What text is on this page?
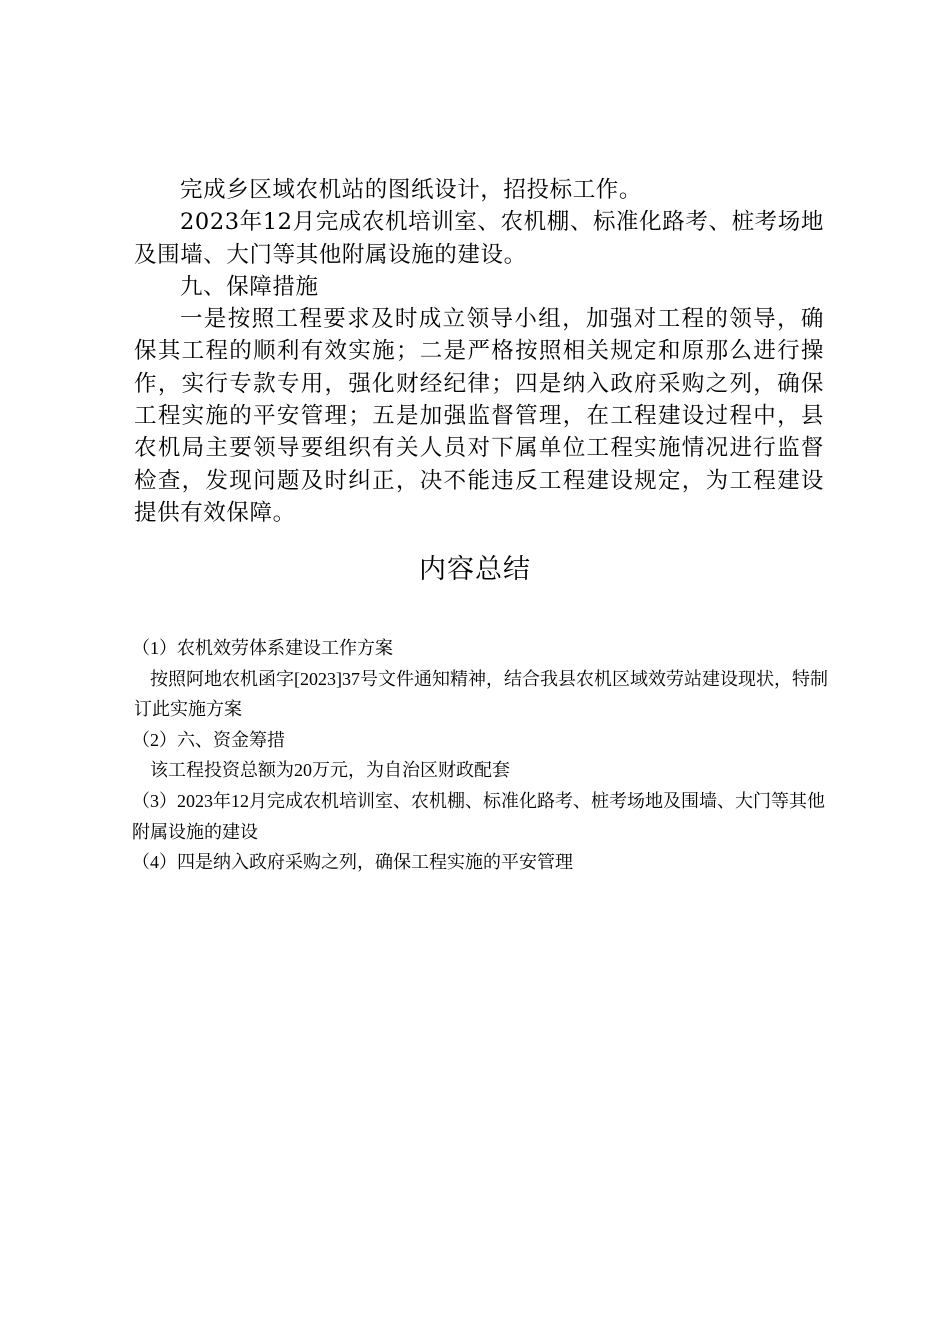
完成乡区域农机站的图纸设计，招投标工作。

2023年12月完成农机培训室、农机棚、标准化路考、桩考场地及围墙、大门等其他附属设施的建设。

九、保障措施

一是按照工程要求及时成立领导小组，加强对工程的领导，确保其工程的顺利有效实施；二是严格按照相关规定和原那么进行操作，实行专款专用，强化财经纪律；四是纳入政府采购之列，确保工程实施的平安管理；五是加强监督管理，在工程建设过程中，县农机局主要领导要组织有关人员对下属单位工程实施情况进行监督检查，发现问题及时纠正，决不能违反工程建设规定，为工程建设提供有效保障。

内容总结

（1）农机效劳体系建设工作方案

按照阿地农机函字[2023]37号文件通知精神，结合我县农机区域效劳站建设现状，特制订此实施方案

（2）六、资金筹措

该工程投资总额为20万元，为自治区财政配套

（3）2023年12月完成农机培训室、农机棚、标准化路考、桩考场地及围墙、大门等其他附属设施的建设

（4）四是纳入政府采购之列，确保工程实施的平安管理
